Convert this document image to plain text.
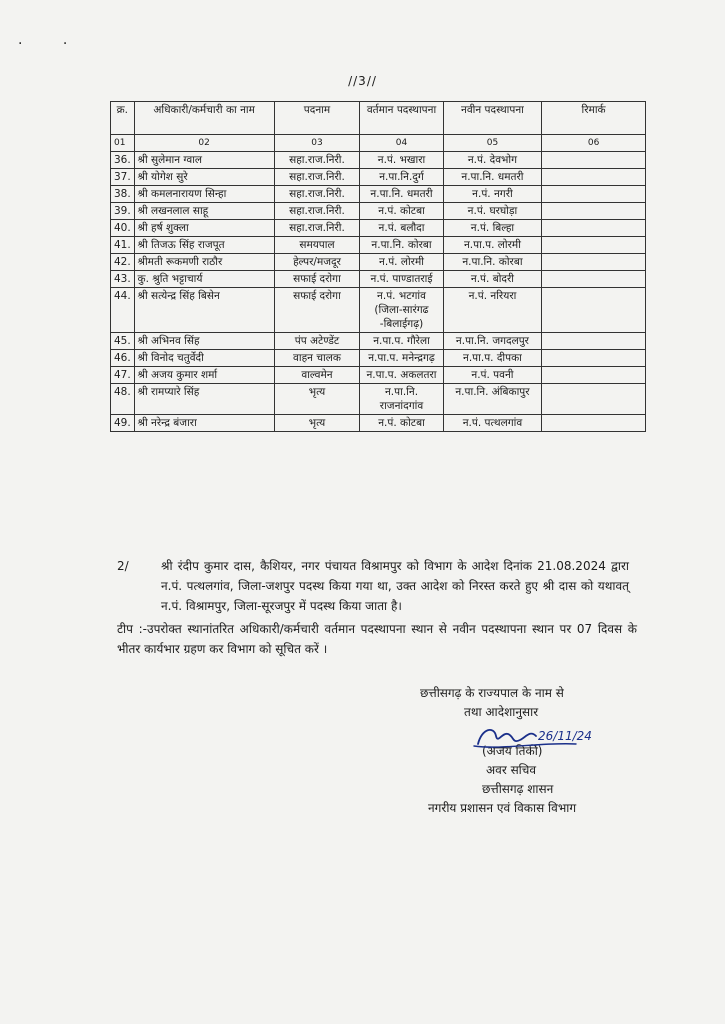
· ·
//3//
क्र.	अधिकारी/कर्मचारी का नाम	पदनाम	वर्तमान पदस्थापना	नवीन पदस्थापना	रिमार्क
01	02	03	04	05	06
36.	श्री सुलेमान ग्वाल	सहा.राज.निरी.	न.पं. भखारा	न.पं. देवभोग	
37.	श्री योगेश सुरे	सहा.राज.निरी.	न.पा.नि.दुर्ग	न.पा.नि. धमतरी	
38.	श्री कमलनारायण सिन्हा	सहा.राज.निरी.	न.पा.नि. धमतरी	न.पं. नगरी	
39.	श्री लखनलाल साहू	सहा.राज.निरी.	न.पं. कोटबा	न.पं. घरघोड़ा	
40.	श्री हर्ष शुक्ला	सहा.राज.निरी.	न.पं. बलौदा	न.पं. बिल्हा	
41.	श्री तिजऊ सिंह राजपूत	समयपाल	न.पा.नि. कोरबा	न.पा.प. लोरमी	
42.	श्रीमती रूकमणी राठौर	हेल्पर/मजदूर	न.पं. लोरमी	न.पा.नि. कोरबा	
43.	कु. श्रुति भट्टाचार्य	सफाई दरोगा	न.पं. पाण्डातराई	न.पं. बोदरी	
44.	श्री सत्येन्द्र सिंह बिसेन	सफाई दरोगा	न.पं. भटगांव (जिला-सारंगढ -बिलाईगढ़)	न.पं. नरियरा	
45.	श्री अभिनव सिंह	पंप अटेण्डेंट	न.पा.प. गौरेला	न.पा.नि. जगदलपुर	
46.	श्री विनोद चतुर्वेदी	वाहन चालक	न.पा.प. मनेन्द्रगढ़	न.पा.प. दीपका	
47.	श्री अजय कुमार शर्मा	वाल्वमेन	न.पा.प. अकलतरा	न.पं. पवनी	
48.	श्री रामप्यारे सिंह	भृत्य	न.पा.नि. राजनांदगांव	न.पा.नि. अंबिकापुर	
49.	श्री नरेन्द्र बंजारा	भृत्य	न.पं. कोटबा	न.पं. पत्थलगांव	
2/	श्री रंदीप कुमार दास, कैशियर, नगर पंचायत विश्रामपुर को विभाग के आदेश दिनांक 21.08.2024 द्वारा न.पं. पत्थलगांव, जिला-जशपुर पदस्थ किया गया था, उक्त आदेश को निरस्त करते हुए श्री दास को यथावत् न.पं. विश्रामपुर, जिला-सूरजपुर में पदस्थ किया जाता है।
टीप :-उपरोक्त स्थानांतरित अधिकारी/कर्मचारी वर्तमान पदस्थापना स्थान से नवीन पदस्थापना स्थान पर 07 दिवस के भीतर कार्यभार ग्रहण कर विभाग को सूचित करें ।
छत्तीसगढ़ के राज्यपाल के नाम से
तथा आदेशानुसार
(अजय तिर्की)
अवर सचिव
छत्तीसगढ़ शासन
नगरीय प्रशासन एवं विकास विभाग
26/11/24
